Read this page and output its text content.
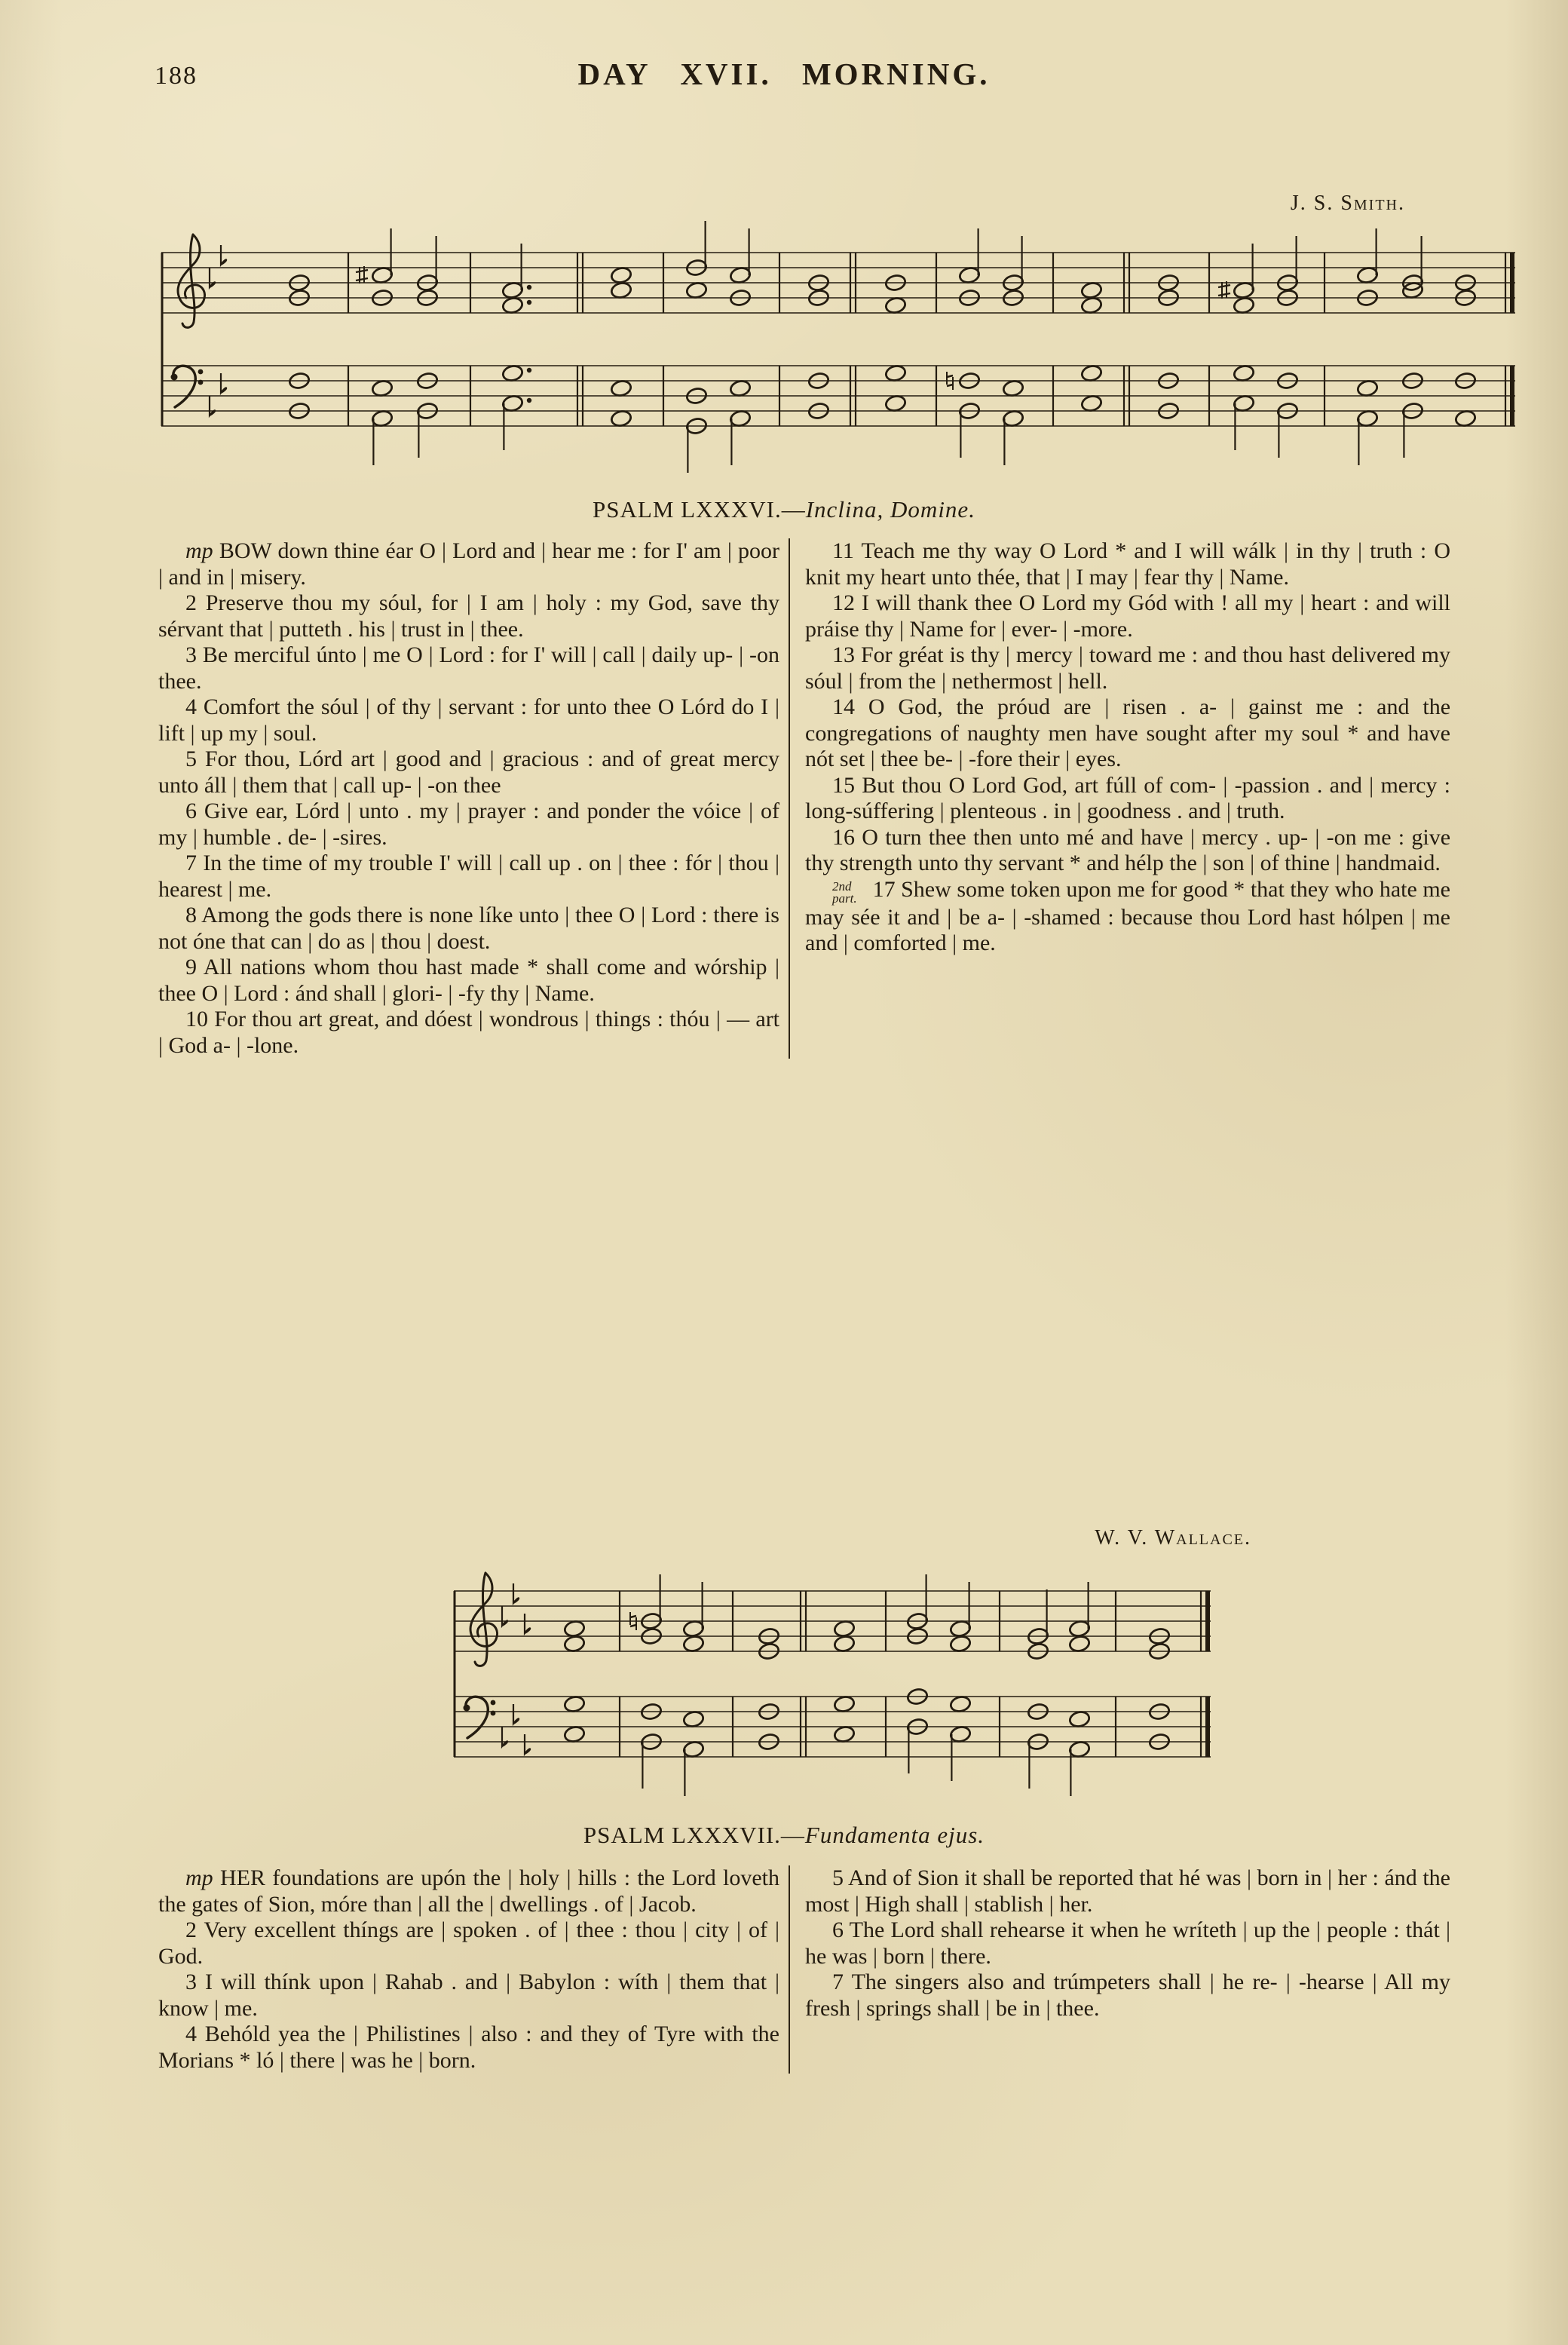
188	DAY XVII. MORNING.
J. S. Smith.
PSALM LXXXVI.—Inclina, Domine.

mp BOW down thine éar O | Lord and | hear me : for I' am | poor | and in | misery.

2 Preserve thou my sóul, for | I am | holy : my God, save thy sérvant that | putteth . his | trust in | thee.

3 Be merciful únto | me O | Lord : for I' will | call | daily up- | -on thee.

4 Comfort the sóul | of thy | servant : for unto thee O Lórd do I | lift | up my | soul.

5 For thou, Lórd art | good and | gracious : and of great mercy unto áll | them that | call up- | -on thee

6 Give ear, Lórd | unto . my | prayer : and ponder the vóice | of my | humble . de- | -sires.

7 In the time of my trouble I' will | call up . on | thee : fór | thou | hearest | me.

8 Among the gods there is none líke unto | thee O | Lord : there is not óne that can | do as | thou | doest.

9 All nations whom thou hast made * shall come and wórship | thee O | Lord : ánd shall | glori- | -fy thy | Name.

10 For thou art great, and dóest | wondrous | things : thóu | — art | God a- | -lone.

11 Teach me thy way O Lord * and I will wálk | in thy | truth : O knit my heart unto thée, that | I may | fear thy | Name.

12 I will thank thee O Lord my Gód with ! all my | heart : and will práise thy | Name for | ever- | -more.

13 For gréat is thy | mercy | toward me : and thou hast delivered my sóul | from the | nethermost | hell.

14 O God, the próud are | risen . a- | gainst me : and the congregations of naughty men have sought after my soul * and have nót set | thee be- | -fore their | eyes.

15 But thou O Lord God, art fúll of com- | -passion . and | mercy : long-súffering | plenteous . in | goodness . and | truth.

16 O turn thee then unto mé and have | mercy . up- | -on me : give thy strength unto thy servant * and hélp the | son | of thine | handmaid.

2nd part. 17 Shew some token upon me for good * that they who hate me may sée it and | be a- | -shamed : because thou Lord hast hólpen | me and | comforted | me.

W. V. Wallace.
PSALM LXXXVII.—Fundamenta ejus.

mp HER foundations are upón the | holy | hills : the Lord loveth the gates of Sion, móre than | all the | dwellings . of | Jacob.

2 Very excellent thíngs are | spoken . of | thee : thou | city | of | God.

3 I will thínk upon | Rahab . and | Babylon : wíth | them that | know | me.

4 Behóld yea the | Philistines | also : and they of Tyre with the Morians * ló | there | was he | born.

5 And of Sion it shall be reported that hé was | born in | her : ánd the most | High shall | stablish | her.

6 The Lord shall rehearse it when he wríteth | up the | people : thát | he was | born | there.

7 The singers also and trúmpeters shall | he re- | -hearse | All my fresh | springs shall | be in | thee.
